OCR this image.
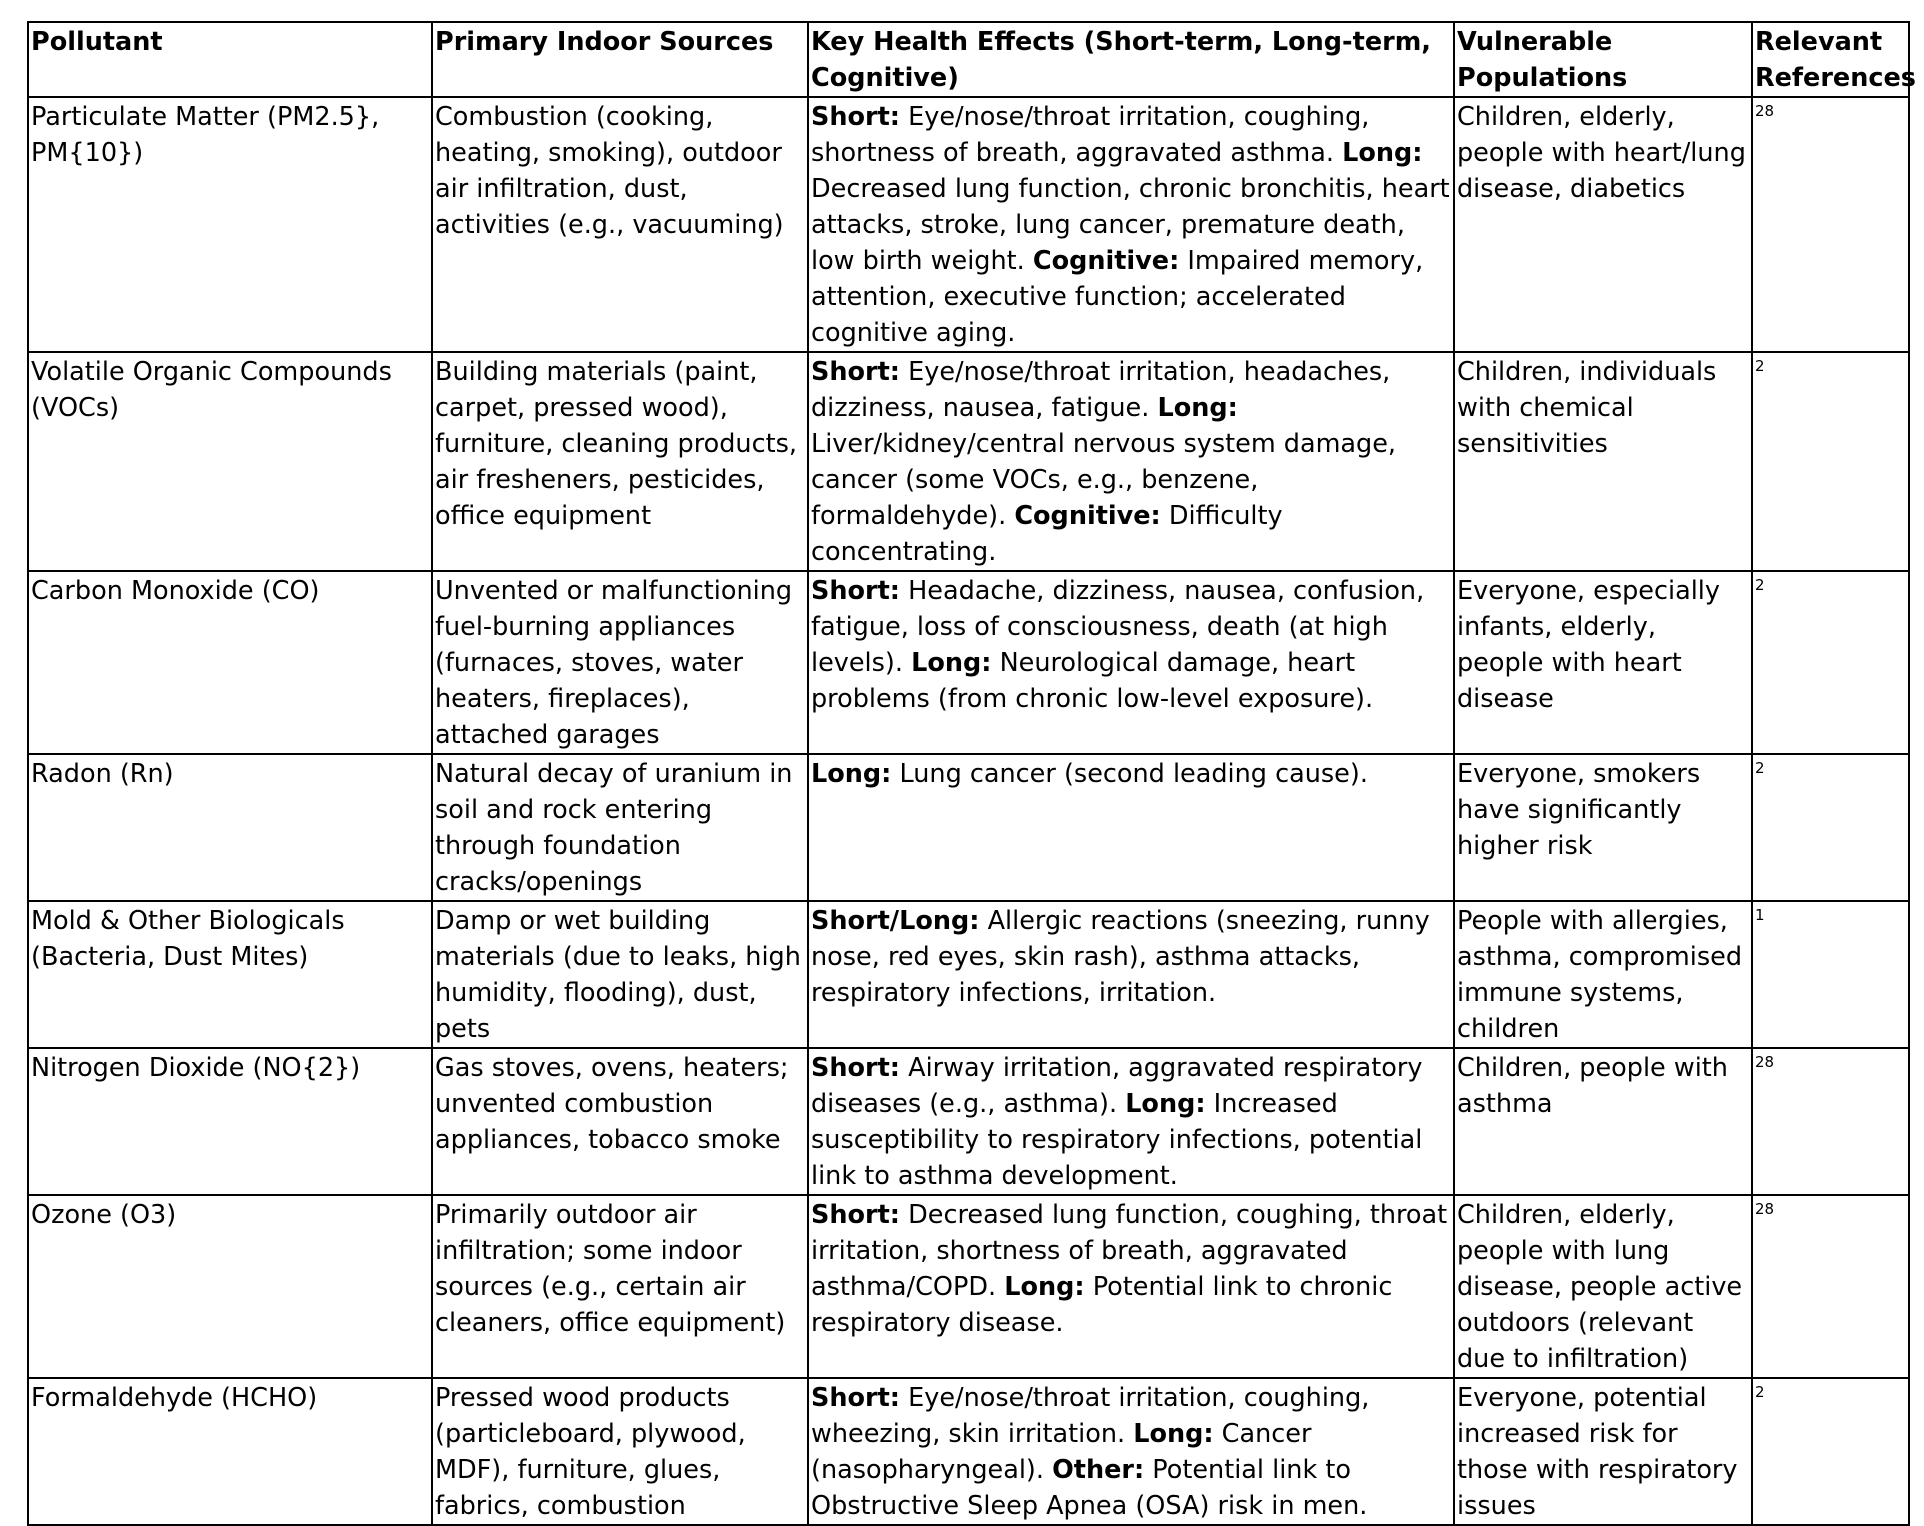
Pollutant	Primary Indoor Sources	Key Health Effects (Short-term, Long-term, Cognitive)	Vulnerable Populations	Relevant References
Particulate Matter (PM2.5}, PM{10})	Combustion (cooking, heating, smoking), outdoor air infiltration, dust, activities (e.g., vacuuming)	Short: Eye/nose/throat irritation, coughing, shortness of breath, aggravated asthma. Long: Decreased lung function, chronic bronchitis, heart attacks, stroke, lung cancer, premature death, low birth weight. Cognitive: Impaired memory, attention, executive function; accelerated cognitive aging.	Children, elderly, people with heart/lung disease, diabetics	28
Volatile Organic Compounds (VOCs)	Building materials (paint, carpet, pressed wood), furniture, cleaning products, air fresheners, pesticides, office equipment	Short: Eye/nose/throat irritation, headaches, dizziness, nausea, fatigue. Long: Liver/kidney/central nervous system damage, cancer (some VOCs, e.g., benzene, formaldehyde). Cognitive: Difficulty concentrating.	Children, individuals with chemical sensitivities	2
Carbon Monoxide (CO)	Unvented or malfunctioning fuel-burning appliances (furnaces, stoves, water heaters, fireplaces), attached garages	Short: Headache, dizziness, nausea, confusion, fatigue, loss of consciousness, death (at high levels). Long: Neurological damage, heart problems (from chronic low-level exposure).	Everyone, especially infants, elderly, people with heart disease	2
Radon (Rn)	Natural decay of uranium in soil and rock entering through foundation cracks/openings	Long: Lung cancer (second leading cause).	Everyone, smokers have significantly higher risk	2
Mold & Other Biologicals (Bacteria, Dust Mites)	Damp or wet building materials (due to leaks, high humidity, flooding), dust, pets	Short/Long: Allergic reactions (sneezing, runny nose, red eyes, skin rash), asthma attacks, respiratory infections, irritation.	People with allergies, asthma, compromised immune systems, children	1
Nitrogen Dioxide (NO{2})	Gas stoves, ovens, heaters; unvented combustion appliances, tobacco smoke	Short: Airway irritation, aggravated respiratory diseases (e.g., asthma). Long: Increased susceptibility to respiratory infections, potential link to asthma development.	Children, people with asthma	28
Ozone (O3)	Primarily outdoor air infiltration; some indoor sources (e.g., certain air cleaners, office equipment)	Short: Decreased lung function, coughing, throat irritation, shortness of breath, aggravated asthma/COPD. Long: Potential link to chronic respiratory disease.	Children, elderly, people with lung disease, people active outdoors (relevant due to infiltration)	28
Formaldehyde (HCHO)	Pressed wood products (particleboard, plywood, MDF), furniture, glues, fabrics, combustion	Short: Eye/nose/throat irritation, coughing, wheezing, skin irritation. Long: Cancer (nasopharyngeal). Other: Potential link to Obstructive Sleep Apnea (OSA) risk in men.	Everyone, potential increased risk for those with respiratory issues	2
